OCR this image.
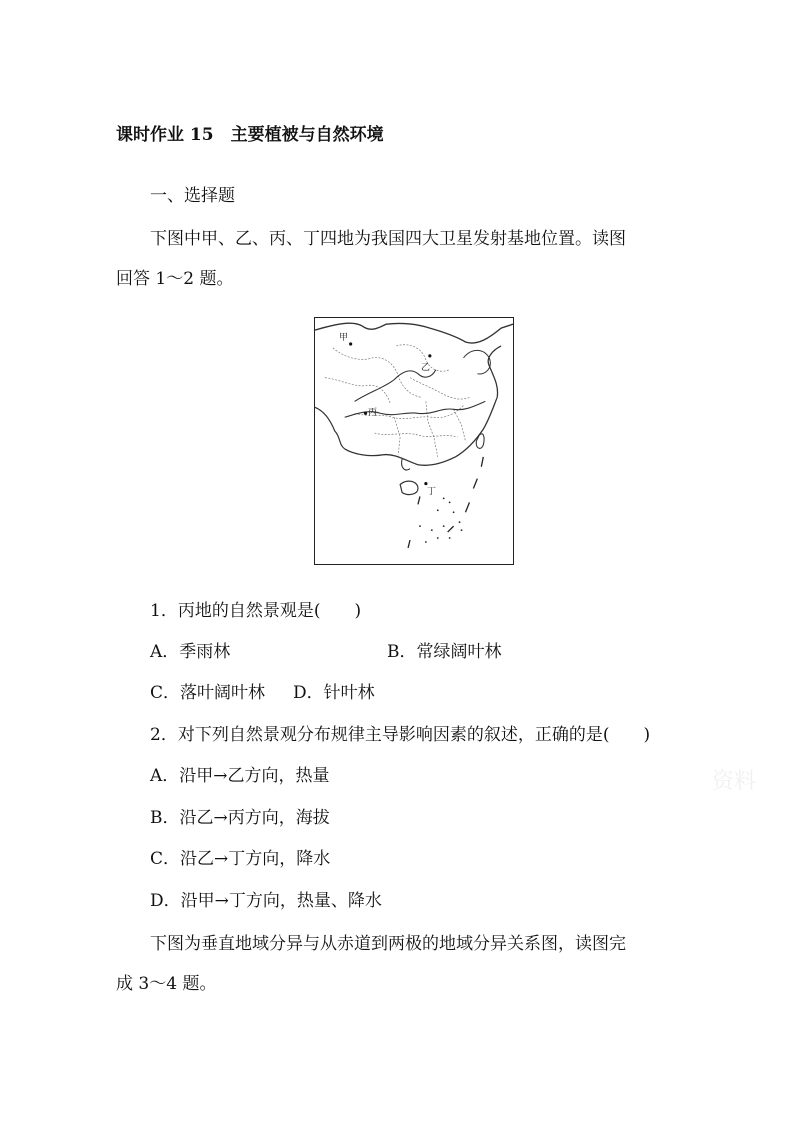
课时作业 15　主要植被与自然环境
一、选择题
下图中甲、乙、丙、丁四地为我国四大卫星发射基地位置。读图
回答 1～2 题。
甲
乙
丙
丁
1．丙地的自然景观是(　　)
A．季雨林	B．常绿阔叶林
C．落叶阔叶林 D．针叶林
2．对下列自然景观分布规律主导影响因素的叙述，正确的是(　　)
A．沿甲→乙方向，热量
B．沿乙→丙方向，海拔
C．沿乙→丁方向，降水
D．沿甲→丁方向，热量、降水
下图为垂直地域分异与从赤道到两极的地域分异关系图，读图完
成 3～4 题。
资料
